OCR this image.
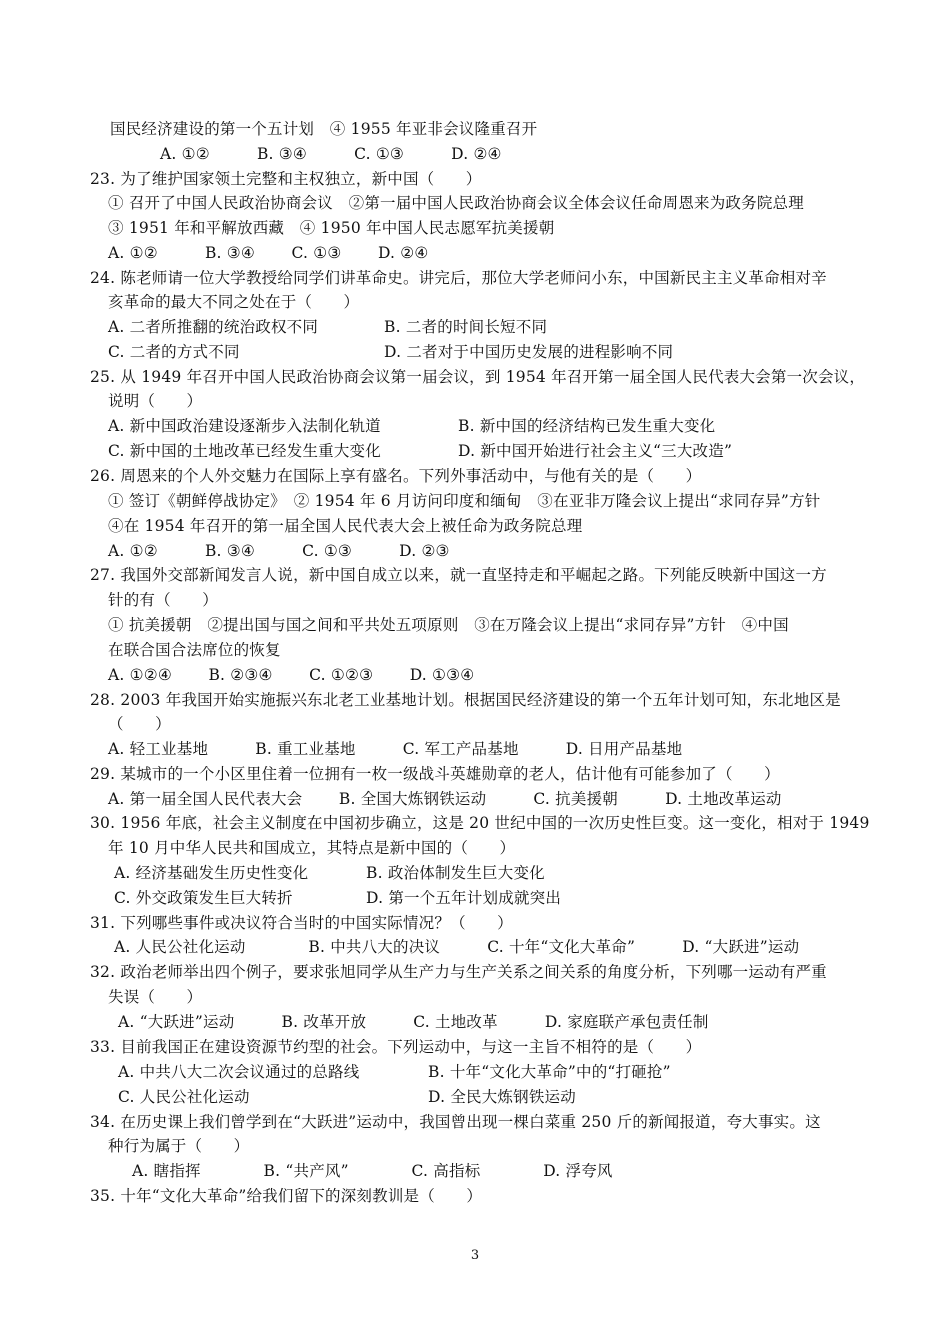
国民经济建设的第一个五计划　④ 1955 年亚非会议隆重召开
A. ①②　　　B. ③④　　　C. ①③　　　D. ②④
23. 为了维护国家领土完整和主权独立，新中国（　　）
① 召开了中国人民政治协商会议　②第一届中国人民政治协商会议全体会议任命周恩来为政务院总理
③ 1951 年和平解放西藏　④ 1950 年中国人民志愿军抗美援朝
A. ①②　　　B. ③④　　 C. ①③　　 D. ②④
24. 陈老师请一位大学教授给同学们讲革命史。讲完后，那位大学老师问小东，中国新民主主义革命相对辛
亥革命的最大不同之处在于（　　）
A. 二者所推翻的统治政权不同	B. 二者的时间长短不同
C. 二者的方式不同	D. 二者对于中国历史发展的进程影响不同
25. 从 1949 年召开中国人民政治协商会议第一届会议，到 1954 年召开第一届全国人民代表大会第一次会议，
说明（　　）
A. 新中国政治建设逐渐步入法制化轨道	B. 新中国的经济结构已发生重大变化
C. 新中国的土地改革已经发生重大变化	D. 新中国开始进行社会主义“三大改造”
26. 周恩来的个人外交魅力在国际上享有盛名。下列外事活动中，与他有关的是（　　）
① 签订《朝鲜停战协定》　② 1954 年 6 月访问印度和缅甸　③在亚非万隆会议上提出“求同存异”方针
④在 1954 年召开的第一届全国人民代表大会上被任命为政务院总理
A. ①②　　　B. ③④　　　C. ①③　　　D. ②③
27. 我国外交部新闻发言人说，新中国自成立以来，就一直坚持走和平崛起之路。下列能反映新中国这一方
针的有（　　）
① 抗美援朝　②提出国与国之间和平共处五项原则　③在万隆会议上提出“求同存异”方针　④中国
在联合国合法席位的恢复
A. ①②④　　 B. ②③④　　 C. ①②③　　 D. ①③④
28. 2003 年我国开始实施振兴东北老工业基地计划。根据国民经济建设的第一个五年计划可知，东北地区是
（　　）
A. 轻工业基地　　　B. 重工业基地　　　C. 军工产品基地　　　D. 日用产品基地
29. 某城市的一个小区里住着一位拥有一枚一级战斗英雄勋章的老人，估计他有可能参加了（　　）
A. 第一届全国人民代表大会　　 B. 全国大炼钢铁运动　　　C. 抗美援朝　　　D. 土地改革运动
30. 1956 年底，社会主义制度在中国初步确立，这是 20 世纪中国的一次历史性巨变。这一变化，相对于 1949
年 10 月中华人民共和国成立，其特点是新中国的（　　）
A. 经济基础发生历史性变化	B. 政治体制发生巨大变化
C. 外交政策发生巨大转折	D. 第一个五年计划成就突出
31. 下列哪些事件或决议符合当时的中国实际情况？（　　）
A. 人民公社化运动　　　　B. 中共八大的决议　　　C. 十年“文化大革命”　　　D. “大跃进”运动
32. 政治老师举出四个例子，要求张旭同学从生产力与生产关系之间关系的角度分析，下列哪一运动有严重
失误（　　）
A. “大跃进”运动　　　B. 改革开放　　　C. 土地改革　　　D. 家庭联产承包责任制
33. 目前我国正在建设资源节约型的社会。下列运动中，与这一主旨不相符的是（　　）
A. 中共八大二次会议通过的总路线	B. 十年“文化大革命”中的“打砸抢”
C. 人民公社化运动	D. 全民大炼钢铁运动
34. 在历史课上我们曾学到在“大跃进”运动中，我国曾出现一棵白菜重 250 斤的新闻报道，夸大事实。这
种行为属于（　　）
A. 瞎指挥　　　　B. “共产风”　　　　C. 高指标　　　　D. 浮夸风
35. 十年“文化大革命”给我们留下的深刻教训是（　　）
3
